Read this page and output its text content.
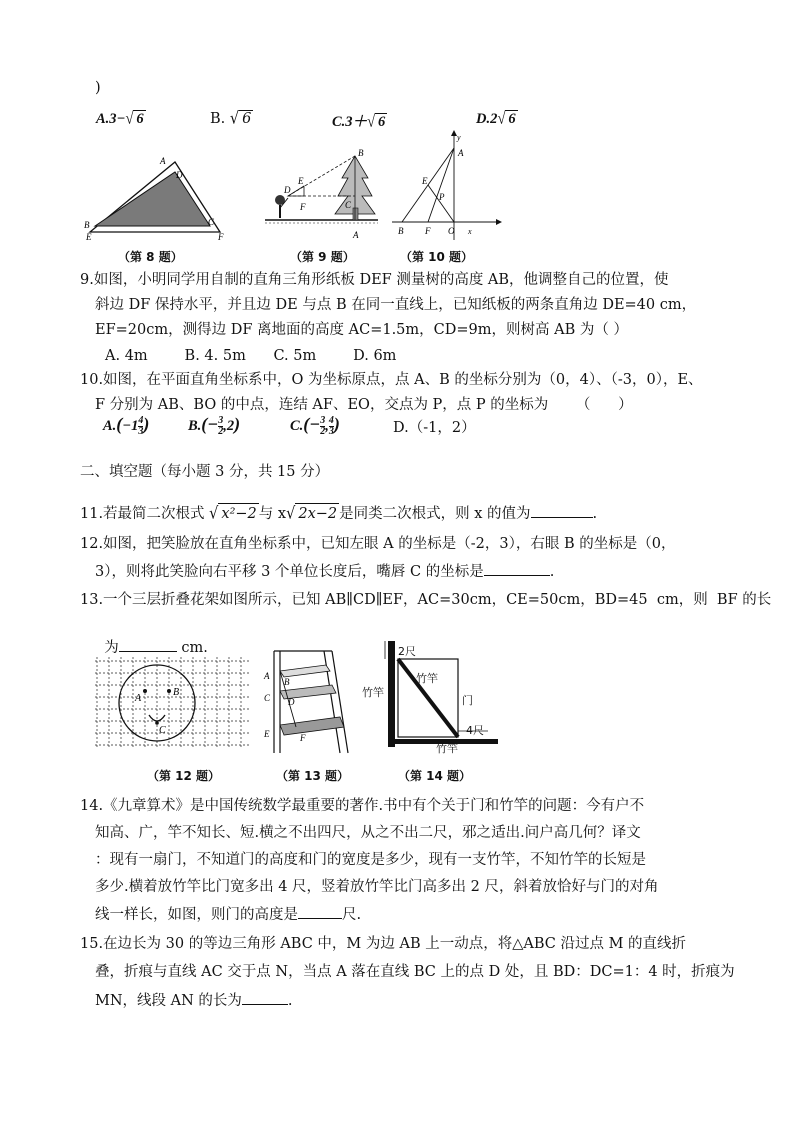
)
A.3−√ 6	B. √ 6	C.3＋√ 6	D.2√ 6
A
D
B	C
E	F
（第 8 题）
B
E
D
F	C
A
（第 9 题）
y
A
E
P
B F O x
（第 10 题）
9.如图，小明同学用自制的直角三角形纸板 DEF 测量树的高度 AB，他调整自己的位置，使
斜边 DF 保持水平，并且边 DE 与点 B 在同一直线上，已知纸板的两条直角边 DE=40 cm，
EF=20cm，测得边 DF 离地面的高度 AC=1.5m，CD=9m，则树高 AB 为（ ）
A. 4m        B. 4. 5m      C. 5m        D. 6m
10.如图，在平面直角坐标系中，O 为坐标原点，点 A、B 的坐标分别为（0，4）、（-3，0），E、
F 分别为 AB、BO 的中点，连结 AF、EO，交点为 P，点 P 的坐标为      （      ）
$A.(-1 \frac{4}{3}$ )	$B.(- \frac{3}{2} ,2)$	$C.(- \frac{3}{2}$ , $\frac{4}{3}$ )	D.（-1，2）
二、填空题（每小题 3 分，共 15 分）
11.若最简二次根式 √ x²−2 与 x√ 2x−2 是同类二次根式，则 x 的值为	.
12.如图，把笑脸放在直角坐标系中，已知左眼 A 的坐标是（-2，3），右眼 B 的坐标是（0，
3），则将此笑脸向右平移 3 个单位长度后，嘴唇 C 的坐标是	.
13.一个三层折叠花架如图所示，已知 AB∥CD∥EF，AC=30cm，CE=50cm，BD=45  cm，则  BF 的长

为	cm.

A
B
C
（第 12 题）
A
B
C D
E	F
（第 13 题）
2尺
竹竿
竹竿
门
4尺
竹竿
（第 14 题）
14.《九章算术》是中国传统数学最重要的著作.书中有个关于门和竹竿的问题：今有户不
知高、广，竿不知长、短.横之不出四尺，从之不出二尺，邪之适出.问户高几何？译文
：现有一扇门，不知道门的高度和门的宽度是多少，现有一支竹竿，不知竹竿的长短是
多少.横着放竹竿比门宽多出 4 尺，竖着放竹竿比门高多出 2 尺，斜着放恰好与门的对角
线一样长，如图，则门的高度是	尺.
15.在边长为 30 的等边三角形 ABC 中，M 为边 AB 上一动点，将△ABC 沿过点 M 的直线折
叠，折痕与直线 AC 交于点 N，当点 A 落在直线 BC 上的点 D 处，且 BD：DC=1：4 时，折痕为
MN，线段 AN 的长为	.
